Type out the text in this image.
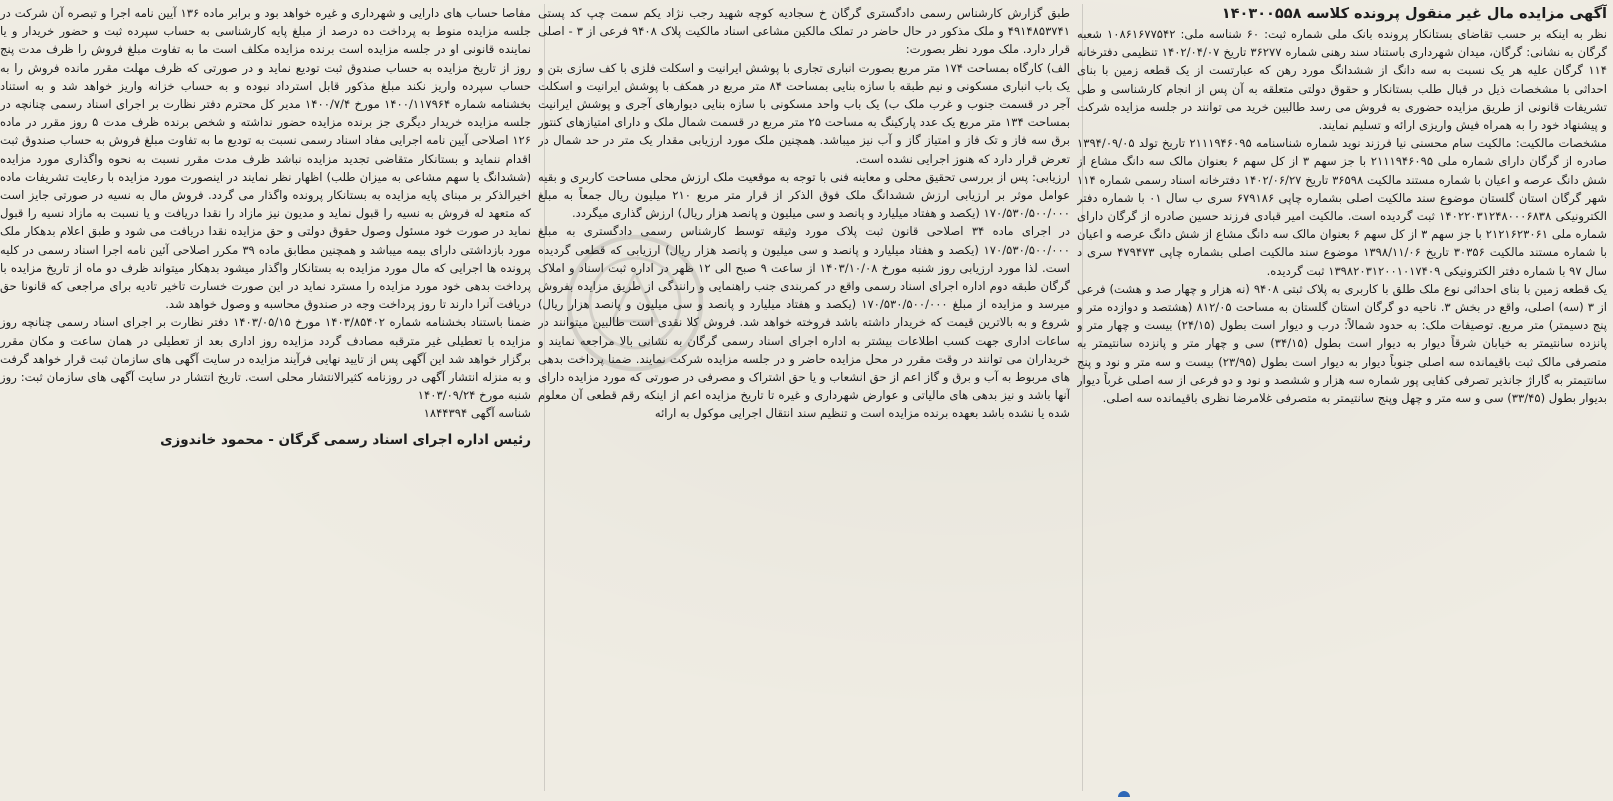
آگهی مزایده مال غیر منقول پرونده کلاسه ۱۴۰۳۰۰۵۵۸

نظر به اینکه بر حسب تقاضای بستانکار پرونده بانک ملی شماره ثبت: ۶۰ شناسه ملی: ۱۰۸۶۱۶۷۷۵۴۲ شعبه گرگان به نشانی: گرگان، میدان شهرداری باستناد سند رهنی شماره ۳۶۲۷۷ تاریخ ۱۴۰۲/۰۴/۰۷ تنظیمی دفترخانه ۱۱۴ گرگان علیه هر یک نسبت به سه دانگ از ششدانگ مورد رهن که عبارتست از یک قطعه زمین با بنای احداثی با مشخصات ذیل در قبال طلب بستانکار و حقوق دولتی متعلقه به آن پس از انجام کارشناسی و طی تشریفات قانونی از طریق مزایده حضوری به فروش می رسد طالبین خرید می توانند در جلسه مزایده شرکت و پیشنهاد خود را به همراه فیش واریزی ارائه و تسلیم نمایند.

مشخصات مالکیت: مالکیت سام محسنی نیا فرزند نوید شماره شناسنامه ۲۱۱۱۹۴۶۰۹۵ تاریخ تولد ۱۳۹۴/۰۹/۰۵ صادره از گرگان دارای شماره ملی ۲۱۱۱۹۴۶۰۹۵ با جز سهم ۳ از کل سهم ۶ بعنوان مالک سه دانگ مشاع از شش دانگ عرصه و اعیان با شماره مستند مالکیت ۳۶۵۹۸ تاریخ ۱۴۰۲/۰۶/۲۷ دفترخانه اسناد رسمی شماره ۱۱۴ شهر گرگان استان گلستان موضوع سند مالکیت اصلی بشماره چاپی ۶۷۹۱۸۶ سری ب سال ۰۱ با شماره دفتر الکترونیکی ۱۴۰۲۲۰۳۱۲۴۸۰۰۰۶۸۳۸ ثبت گردیده است. مالکیت امیر قبادی فرزند حسین صادره از گرگان دارای شماره ملی ۲۱۲۱۶۲۳۰۶۱ با جز سهم ۳ از کل سهم ۶ بعنوان مالک سه دانگ مشاع از شش دانگ عرصه و اعیان با شماره مستند مالکیت ۳۰۳۵۶ تاریخ ۱۳۹۸/۱۱/۰۶ موضوع سند مالکیت اصلی بشماره چاپی ۴۷۹۴۷۳ سری د سال ۹۷ با شماره دفتر الکترونیکی ۱۳۹۸۲۰۳۱۲۰۰۱۰۱۷۴۰۹ ثبت گردیده.

یک قطعه زمین با بنای احداثی نوع ملک طلق با کاربری به پلاک ثبتی ۹۴۰۸ (نه هزار و چهار صد و هشت) فرعی از ۳ (سه) اصلی، واقع در بخش ۳. ناحیه دو گرگان استان گلستان به مساحت ۸۱۲/۰۵ (هشتصد و دوازده متر و پنج دسیمتر) متر مربع. توصیفات ملک: به حدود شمالاً: درب و دیوار است بطول (۲۴/۱۵) بیست و چهار متر و پانزده سانتیمتر به خیابان شرقاً دیوار به دیوار است بطول (۳۴/۱۵) سی و چهار متر و پانزده سانتیمتر به متصرفی مالک ثبت باقیمانده سه اصلی جنوباً دیوار به دیوار است بطول (۲۳/۹۵) بیست و سه متر و نود و پنج سانتیمتر به گاراژ جانذیر تصرفی کفایی پور شماره سه هزار و ششصد و نود و دو فرعی از سه اصلی غرباً دیوار بدیوار بطول (۳۳/۴۵) سی و سه متر و چهل وپنج سانتیمتر به متصرفی غلامرضا نظری باقیمانده سه اصلی.

طبق گزارش کارشناس رسمی دادگستری گرگان خ سجادیه کوچه شهید رجب نژاد یکم سمت چپ کد پستی ۴۹۱۴۸۵۳۷۴۱ و ملک مذکور در حال حاضر در تملک مالکین مشاعی اسناد مالکیت پلاک ۹۴۰۸ فرعی از ۳ - اصلی قرار دارد. ملک مورد نظر بصورت:

الف) کارگاه بمساحت ۱۷۴ متر مربع بصورت انباری تجاری با پوشش ایرانیت و اسکلت فلزی با کف سازی بتن و یک باب انباری مسکونی و نیم طبقه با سازه بنایی بمساحت ۸۴ متر مربع در همکف با پوشش ایرانیت و اسکلت آجر در قسمت جنوب و غرب ملک ب) یک باب واحد مسکونی با سازه بنایی دیوارهای آجری و پوشش ایرانیت بمساحت ۱۳۴ متر مربع یک عدد پارکینگ به مساحت ۲۵ متر مربع در قسمت شمال ملک و دارای امتیازهای کنتور برق سه فاز و تک فاز و امتیاز گاز و آب نیز میباشد. همچنین ملک مورد ارزیابی مقدار یک متر در حد شمال در تعرض قرار دارد که هنوز اجرایی نشده است.

ارزیابی: پس از بررسی تحقیق محلی و معاینه فنی با توجه به موقعیت ملک ارزش محلی مساحت کاربری و بقیه عوامل موثر بر ارزیابی ارزش ششدانگ ملک فوق الذکر از قرار متر مربع ۲۱۰ میلیون ریال جمعاً به مبلغ ۱۷۰/۵۳۰/۵۰۰/۰۰۰ (یکصد و هفتاد میلیارد و پانصد و سی میلیون و پانصد هزار ریال) ارزش گذاری میگردد.

در اجرای ماده ۳۴ اصلاحی قانون ثبت پلاک مورد وثیقه توسط کارشناس رسمی دادگستری به مبلغ ۱۷۰/۵۳۰/۵۰۰/۰۰۰ (یکصد و هفتاد میلیارد و پانصد و سی میلیون و پانصد هزار ریال) ارزیابی که قطعی گردیده است. لذا مورد ارزیابی روز شنبه مورخ ۱۴۰۳/۱۰/۰۸ از ساعت ۹ صبح الی ۱۲ ظهر در اداره ثبت اسناد و املاک گرگان طبقه دوم اداره اجرای اسناد رسمی واقع در کمربندی جنب راهنمایی و رانندگی از طریق مزایده بفروش میرسد و مزایده از مبلغ ۱۷۰/۵۳۰/۵۰۰/۰۰۰ (یکصد و هفتاد میلیارد و پانصد و سی میلیون و پانصد هزار ریال) شروع و به بالاترین قیمت که خریدار داشته باشد فروخته خواهد شد. فروش کلا نقدی است طالبین میتوانند در ساعات اداری جهت کسب اطلاعات بیشتر به اداره اجرای اسناد رسمی گرگان به نشانی بالا مراجعه نمایند و خریداران می توانند در وقت مقرر در محل مزایده حاضر و در جلسه مزایده شرکت نمایند. ضمنا پرداخت بدهی های مربوط به آب و برق و گاز اعم از حق انشعاب و یا حق اشتراک و مصرفی در صورتی که مورد مزایده دارای آنها باشد و نیز بدهی های مالیاتی و عوارض شهرداری و غیره تا تاریخ مزایده اعم از اینکه رقم قطعی آن معلوم شده یا نشده باشد بعهده برنده مزایده است و تنظیم سند انتقال اجرایی موکول به ارائه

مفاصا حساب های دارایی و شهرداری و غیره خواهد بود و برابر ماده ۱۳۶ آیین نامه اجرا و تبصره آن شرکت در جلسه مزایده منوط به پرداخت ده درصد از مبلغ پایه کارشناسی به حساب سپرده ثبت و حضور خریدار و یا نماینده قانونی او در جلسه مزایده است برنده مزایده مکلف است ما به تفاوت مبلغ فروش را ظرف مدت پنج روز از تاریخ مزایده به حساب صندوق ثبت تودیع نماید و در صورتی که ظرف مهلت مقرر مانده فروش را به حساب سپرده واریز نکند مبلغ مذکور قابل استرداد نبوده و به حساب خزانه واریز خواهد شد و به استناد بخشنامه شماره ۱۴۰۰/۱۱۷۹۶۴ مورخ ۱۴۰۰/۷/۴ مدیر کل محترم دفتر نظارت بر اجرای اسناد رسمی چنانچه در جلسه مزایده خریدار دیگری جز برنده مزایده حضور نداشته و شخص برنده ظرف مدت ۵ روز مقرر در ماده ۱۲۶ اصلاحی آیین نامه اجرایی مفاد اسناد رسمی نسبت به تودیع ما به تفاوت مبلغ فروش به حساب صندوق ثبت اقدام ننماید و بستانکار متقاضی تجدید مزایده نباشد ظرف مدت مقرر نسبت به نحوه واگذاری مورد مزایده (ششدانگ یا سهم مشاعی به میزان طلب) اظهار نظر نمایند در اینصورت مورد مزایده با رعایت تشریفات ماده اخیرالذکر بر مبنای پایه مزایده به بستانکار پرونده واگذار می گردد. فروش مال به نسیه در صورتی جایز است که متعهد له فروش به نسیه را قبول نماید و مدیون نیز مازاد را نقدا دریافت و یا نسبت به مازاد نسیه را قبول نماید در صورت خود مسئول وصول حقوق دولتی و حق مزایده نقدا دریافت می شود و طبق اعلام بدهکار ملک مورد بازداشتی دارای بیمه میباشد و همچنین مطابق ماده ۳۹ مکرر اصلاحی آئین نامه اجرا اسناد رسمی در کلیه پرونده ها اجرایی که مال مورد مزایده به بستانکار واگذار میشود بدهکار میتواند ظرف دو ماه از تاریخ مزایده با پرداخت بدهی خود مورد مزایده را مسترد نماید در این صورت خسارت تاخیر تادیه برای مراجعی که قانونا حق دریافت آنرا دارند تا روز پرداخت وجه در صندوق محاسبه و وصول خواهد شد.

ضمنا باستناد بخشنامه شماره ۱۴۰۳/۸۵۴۰۲ مورخ ۱۴۰۳/۰۵/۱۵ دفتر نظارت بر اجرای اسناد رسمی چنانچه روز مزایده با تعطیلی غیر مترقبه مصادف گردد مزایده روز اداری بعد از تعطیلی در همان ساعت و مکان مقرر برگزار خواهد شد این آگهی پس از تایید نهایی فرآیند مزایده در سایت آگهی های سازمان ثبت قرار خواهد گرفت و به منزله انتشار آگهی در روزنامه کثیرالانتشار محلی است. تاریخ انتشار در سایت آگهی های سازمان ثبت: روز شنبه مورخ ۱۴۰۳/۰۹/۲۴

شناسه آگهی ۱۸۴۴۳۹۴

رئیس اداره اجرای اسناد رسمی گرگان - محمود خاندوزی
